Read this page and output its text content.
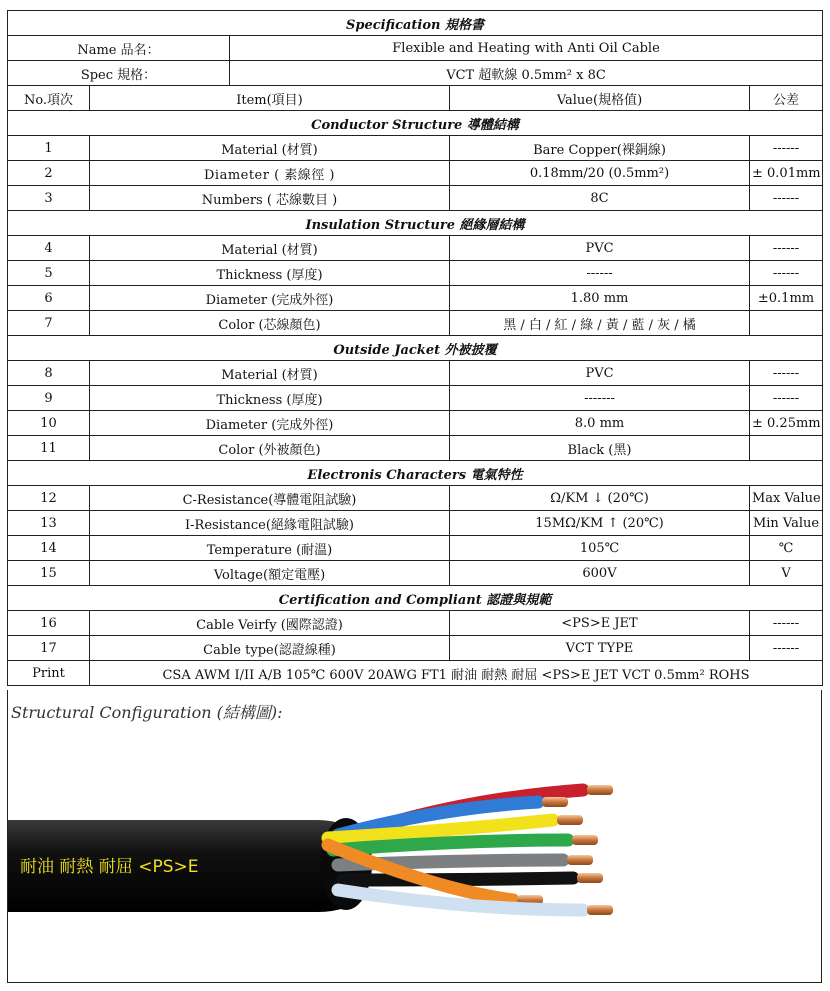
Specification 規格書				
Name 品名：		Flexible and Heating with Anti Oil Cable		
Spec 規格：		VCT 超軟線 0.5mm² x 8C		
No.項次	Item(項目)		Value(規格值)	公差
Conductor Structure 導體結構				
1	Material (材質)		Bare Copper(裸銅線)	------
2	Diameter ( 素線徑 )		0.18mm/20 (0.5mm²)	± 0.01mm
3	Numbers ( 芯線數目 )		8C	------
Insulation Structure 絕緣層結構				
4	Material (材質)		PVC	------
5	Thickness (厚度)		------	------
6	Diameter (完成外徑)		1.80 mm	±0.1mm
7	Color (芯線顏色)		黑 / 白 / 紅 / 綠 / 黃 / 藍 / 灰 / 橘	
Outside Jacket 外被披覆				
8	Material (材質)		PVC	------
9	Thickness (厚度)		-------	------
10	Diameter (完成外徑)		8.0 mm	± 0.25mm
11	Color (外被顏色)		Black (黑)	
Electronis Characters 電氣特性				
12	C-Resistance(導體電阻試驗)		Ω/KM ↓ (20℃)	Max Value
13	I-Resistance(絕緣電阻試驗)		15MΩ/KM ↑ (20℃)	Min Value
14	Temperature (耐溫)		105℃	℃
15	Voltage(額定電壓)		600V	V
Certification and Compliant 認證與規範				
16	Cable Veirfy (國際認證)		<PS>E JET	------
17	Cable type(認證線種)		VCT TYPE	------
Print	CSA AWM I/II A/B 105℃ 600V 20AWG FT1 耐油 耐熱 耐屈 <PS>E JET VCT 0.5mm² ROHS			
Structural Configuration (結構圖):
耐油 耐熱 耐屈 <PS>E
